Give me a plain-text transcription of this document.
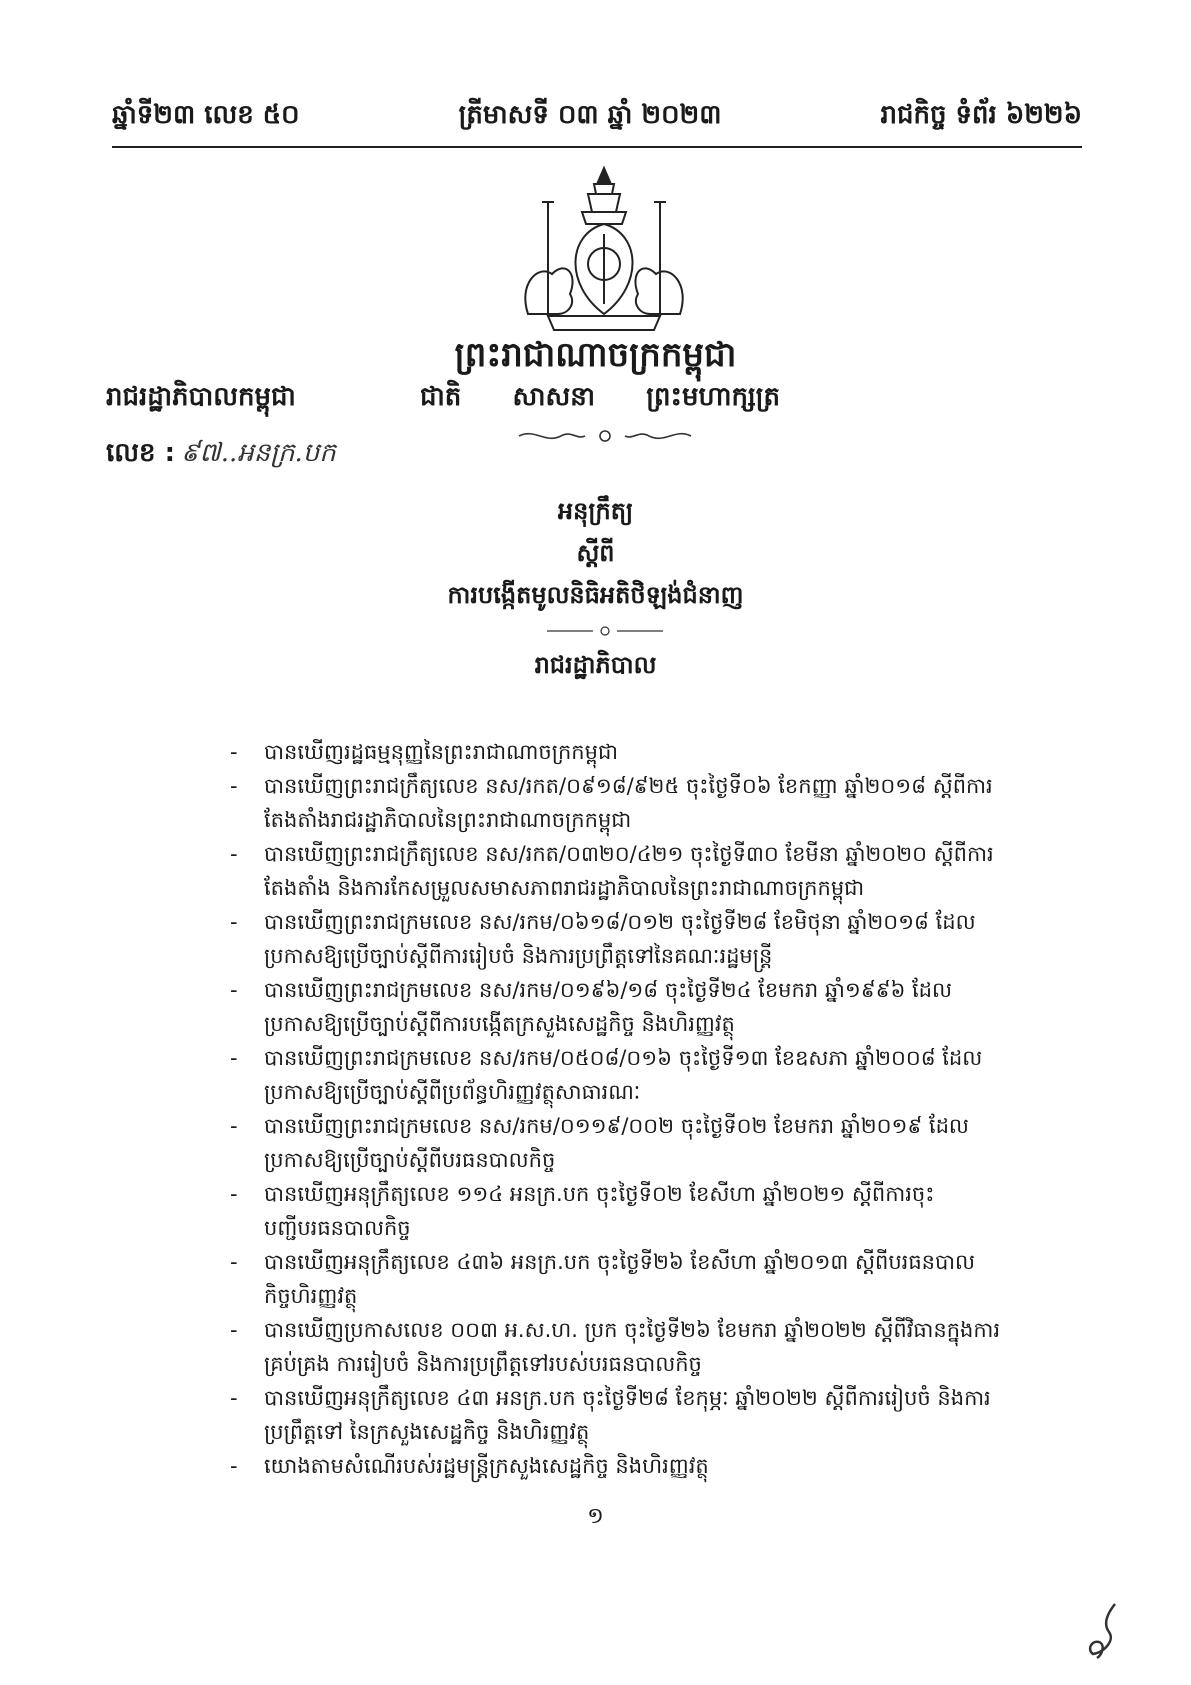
ឆ្នាំទី២៣ លេខ ៥០	ត្រីមាសទី ០៣ ឆ្នាំ ២០២៣	រាជកិច្ច ទំព័រ ៦២២៦
ព្រះរាជាណាចក្រកម្ពុជា
ជាតិ សាសនា ព្រះមហាក្សត្រ
រាជរដ្ឋាភិបាលកម្ពុជា
លេខ : ៩៧..អនក្រ.បក
អនុក្រឹត្យ
ស្ដីពី
ការបង្កើតមូលនិធិអតិថិឡង់ជំនាញ
រាជរដ្ឋាភិបាល
- បានឃើញរដ្ឋធម្មនុញ្ញនៃព្រះរាជាណាចក្រកម្ពុជា
- បានឃើញព្រះរាជក្រឹត្យលេខ នស/រកត/០៩១៨/៩២៥ ចុះថ្ងៃទី០៦ ខែកញ្ញា ឆ្នាំ២០១៨ ស្ដីពីការតែងតាំងរាជរដ្ឋាភិបាលនៃព្រះរាជាណាចក្រកម្ពុជា
- បានឃើញព្រះរាជក្រឹត្យលេខ នស/រកត/០៣២០/៤២១ ចុះថ្ងៃទី៣០ ខែមីនា ឆ្នាំ២០២០ ស្ដីពីការតែងតាំង និងការកែសម្រួលសមាសភាពរាជរដ្ឋាភិបាលនៃព្រះរាជាណាចក្រកម្ពុជា
- បានឃើញព្រះរាជក្រមលេខ នស/រកម/០៦១៨/០១២ ចុះថ្ងៃទី២៨ ខែមិថុនា ឆ្នាំ២០១៨ ដែលប្រកាសឱ្យប្រើច្បាប់ស្ដីពីការរៀបចំ និងការប្រព្រឹត្តទៅនៃគណៈរដ្ឋមន្ត្រី
- បានឃើញព្រះរាជក្រមលេខ នស/រកម/០១៩៦/១៨ ចុះថ្ងៃទី២៤ ខែមករា ឆ្នាំ១៩៩៦ ដែលប្រកាសឱ្យប្រើច្បាប់ស្ដីពីការបង្កើតក្រសួងសេដ្ឋកិច្ច និងហិរញ្ញវត្ថុ
- បានឃើញព្រះរាជក្រមលេខ នស/រកម/០៥០៨/០១៦ ចុះថ្ងៃទី១៣ ខែឧសភា ឆ្នាំ២០០៨ ដែលប្រកាសឱ្យប្រើច្បាប់ស្ដីពីប្រព័ន្ធហិរញ្ញវត្ថុសាធារណៈ
- បានឃើញព្រះរាជក្រមលេខ នស/រកម/០១១៩/០០២ ចុះថ្ងៃទី០២ ខែមករា ឆ្នាំ២០១៩ ដែលប្រកាសឱ្យប្រើច្បាប់ស្ដីពីបរធនបាលកិច្ច
- បានឃើញអនុក្រឹត្យលេខ ១១៤ អនក្រ.បក ចុះថ្ងៃទី០២ ខែសីហា ឆ្នាំ២០២១ ស្ដីពីការចុះបញ្ជីបរធនបាលកិច្ច
- បានឃើញអនុក្រឹត្យលេខ ៤៣៦ អនក្រ.បក ចុះថ្ងៃទី២៦ ខែសីហា ឆ្នាំ២០១៣ ស្ដីពីបរធនបាលកិច្ចហិរញ្ញវត្ថុ
- បានឃើញប្រកាសលេខ ០០៣ អ.ស.ហ. ប្រក ចុះថ្ងៃទី២៦ ខែមករា ឆ្នាំ២០២២ ស្ដីពីវិធានក្នុងការគ្រប់គ្រង ការរៀបចំ និងការប្រព្រឹត្តទៅរបស់បរធនបាលកិច្ច
- បានឃើញអនុក្រឹត្យលេខ ៤៣ អនក្រ.បក ចុះថ្ងៃទី២៨ ខែកុម្ភៈ ឆ្នាំ២០២២ ស្ដីពីការរៀបចំ និងការប្រព្រឹត្តទៅ នៃក្រសួងសេដ្ឋកិច្ច និងហិរញ្ញវត្ថុ
- យោងតាមសំណើរបស់រដ្ឋមន្ត្រីក្រសួងសេដ្ឋកិច្ច និងហិរញ្ញវត្ថុ
១
